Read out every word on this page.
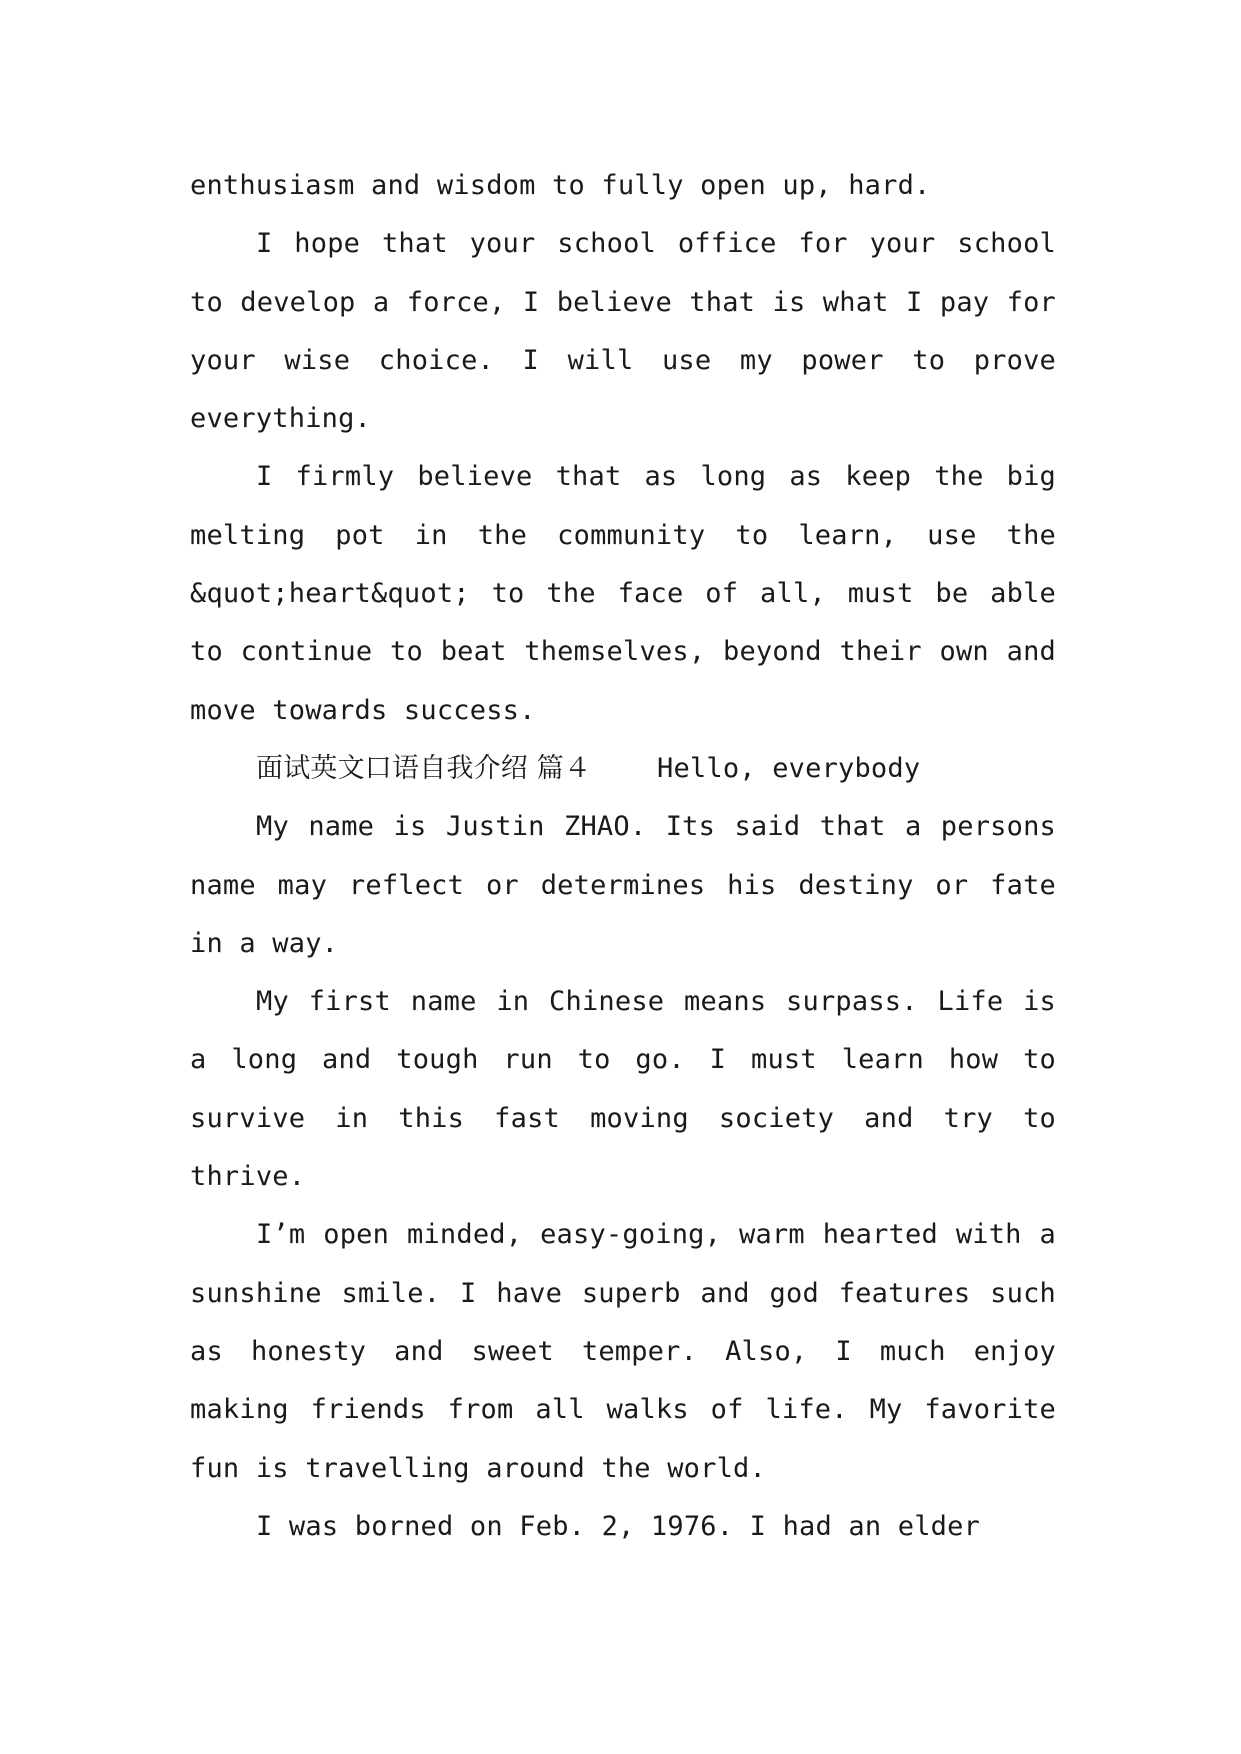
enthusiasm and wisdom to fully open up, hard.

I hope that your school office for your school to develop a force, I believe that is what I pay for your wise choice. I will use my power to prove everything.

I firmly believe that as long as keep the big melting pot in the community to learn, use the &quot;heart&quot; to the face of all, must be able to continue to beat themselves, beyond their own and move towards success.

面试英文口语自我介绍 篇４ Hello, everybody

My name is Justin ZHAO. Its said that a persons name may reflect or determines his destiny or fate in a way.

My first name in Chinese means surpass. Life is a long and tough run to go. I must learn how to survive in this fast moving society and try to thrive.

I’m open minded, easy-going, warm hearted with a sunshine smile. I have superb and god features such as honesty and sweet temper. Also, I much enjoy making friends from all walks of life. My favorite fun is travelling around the world.

I was borned on Feb. 2, 1976. I had an elder
